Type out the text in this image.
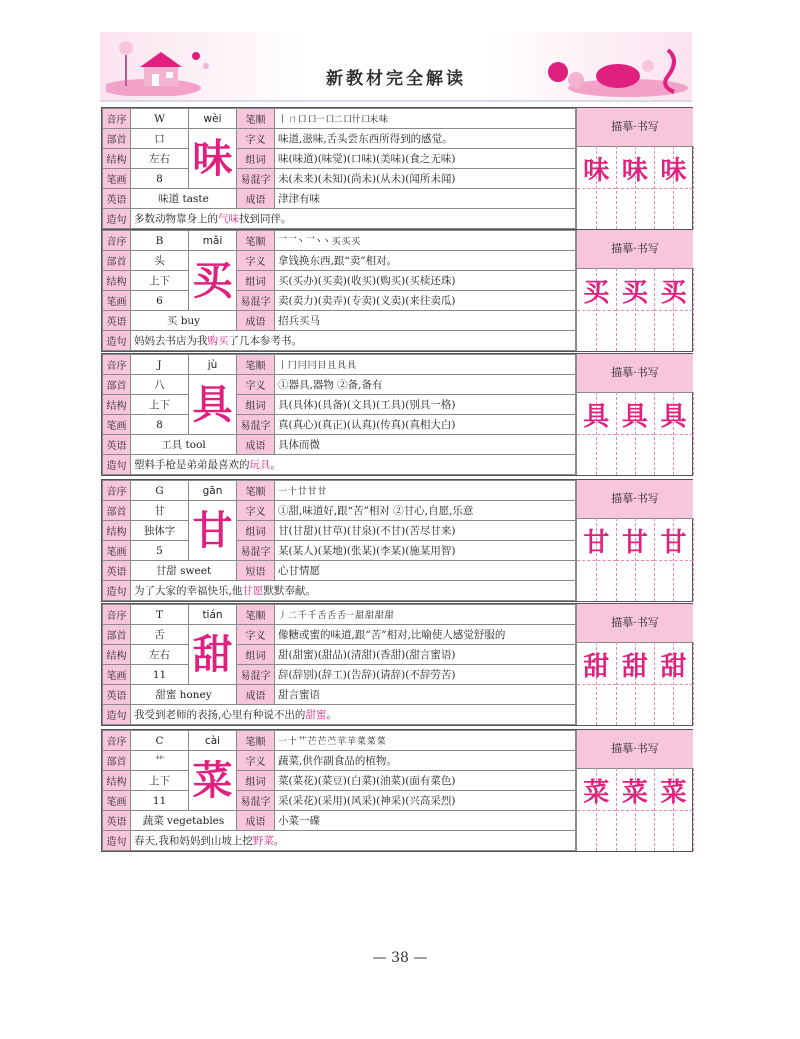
新教材完全解读
音序	W	wèi	笔顺	丨 ㄇ 口 口一 口二 口卄 口未 味
部首	口	味	字义	味道,滋味,舌头尝东西所得到的感觉。
结构	左右		组词	味(味道)(味觉)(口味)(美味)(食之无味)
笔画	8		易混字	未(未来)(未知)(尚未)(从未)(闻所未闻)
英语	味道 taste		成语	津津有味
造句	多数动物靠身上的气味找到同伴。			
描摹·书写
味 味 味
音序	B	mǎi	笔顺	乛 乛丶 乛丶丶 买 买 买
部首	头	买	字义	拿钱换东西,跟“卖”相对。
结构	上下		组词	买(买办)(买卖)(收买)(购买)(买椟还珠)
笔画	6		易混字	卖(卖力)(卖弄)(专卖)(义卖)(来往卖瓜)
英语	买 buy		成语	招兵买马
造句	妈妈去书店为我购买了几本参考书。			
描摹·书写
买 买 买
音序	J	jù	笔顺	丨 冂 冃 冃 目 且 具 具
部首	八	具	字义	①器具,器物 ②备,备有
结构	上下		组词	具(具体)(具备)(文具)(工具)(别具一格)
笔画	8		易混字	真(真心)(真正)(认真)(传真)(真相大白)
英语	工具 tool		成语	具体而微
造句	塑料手枪是弟弟最喜欢的玩具。			
描摹·书写
具 具 具
音序	G	gān	笔顺	一 十 廿 甘 甘
部首	甘	甘	字义	①甜,味道好,跟“苦”相对 ②甘心,自愿,乐意
结构	独体字		组词	甘(甘甜)(甘草)(甘泉)(不甘)(苦尽甘来)
笔画	5		易混字	某(某人)(某地)(张某)(李某)(施某用智)
英语	甘甜 sweet		短语	心甘情愿
造句	为了大家的幸福快乐,他甘愿默默奉献。			
描摹·书写
甘 甘 甘
音序	T	tián	笔顺	丿 二 千 千 舌 舌 舌一 甜 甜 甜 甜
部首	舌	甜	字义	像糖或蜜的味道,跟“苦”相对,比喻使人感觉舒服的
结构	左右		组词	甜(甜蜜)(甜品)(清甜)(香甜)(甜言蜜语)
笔画	11		易混字	辞(辞别)(辞工)(告辞)(请辞)(不辞劳苦)
英语	甜蜜 honey		成语	甜言蜜语
造句	我受到老师的表扬,心里有种说不出的甜蜜。			
描摹·书写
甜 甜 甜
音序	C	cài	笔顺	一 十 艹 芒 芒 苎 苹 苹 菜 菜 菜
部首	艹	菜	字义	蔬菜,供作副食品的植物。
结构	上下		组词	菜(菜花)(菜豆)(白菜)(油菜)(面有菜色)
笔画	11		易混字	采(采花)(采用)(风采)(神采)(兴高采烈)
英语	蔬菜 vegetables		成语	小菜一碟
造句	春天,我和妈妈到山坡上挖野菜。			
描摹·书写
菜 菜 菜
— 38 —
